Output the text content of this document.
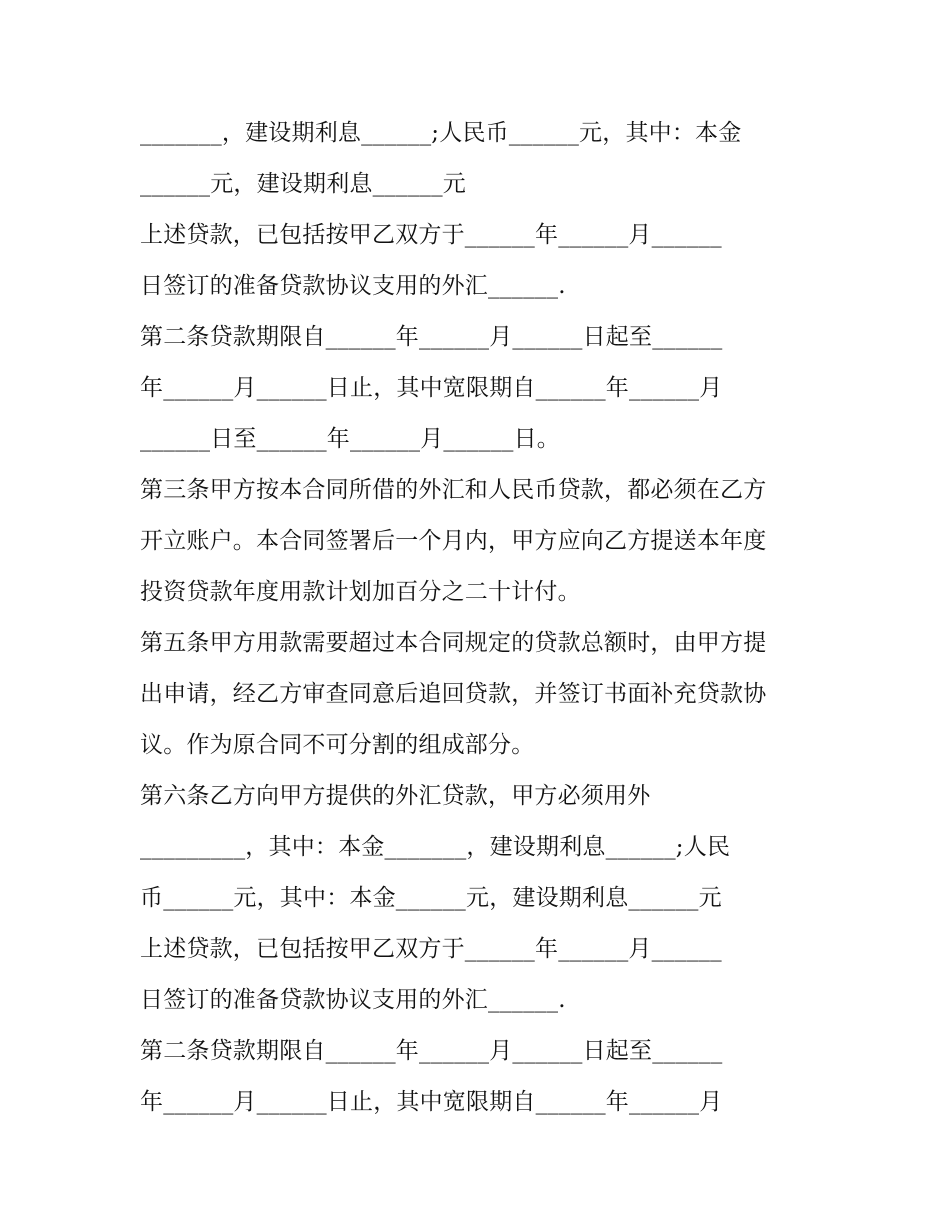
_______，建设期利息______;人民币______元，其中：本金
______元，建设期利息______元
上述贷款，已包括按甲乙双方于______年______月______
日签订的准备贷款协议支用的外汇______.
第二条贷款期限自______年______月______日起至______
年______月______日止，其中宽限期自______年______月
______日至______年______月______日。
第三条甲方按本合同所借的外汇和人民币贷款，都必须在乙方
开立账户。本合同签署后一个月内，甲方应向乙方提送本年度
投资贷款年度用款计划加百分之二十计付。
第五条甲方用款需要超过本合同规定的贷款总额时，由甲方提
出申请，经乙方审查同意后追回贷款，并签订书面补充贷款协
议。作为原合同不可分割的组成部分。
第六条乙方向甲方提供的外汇贷款，甲方必须用外
_________，其中：本金_______，建设期利息______;人民
币______元，其中：本金______元，建设期利息______元
上述贷款，已包括按甲乙双方于______年______月______
日签订的准备贷款协议支用的外汇______.
第二条贷款期限自______年______月______日起至______
年______月______日止，其中宽限期自______年______月
